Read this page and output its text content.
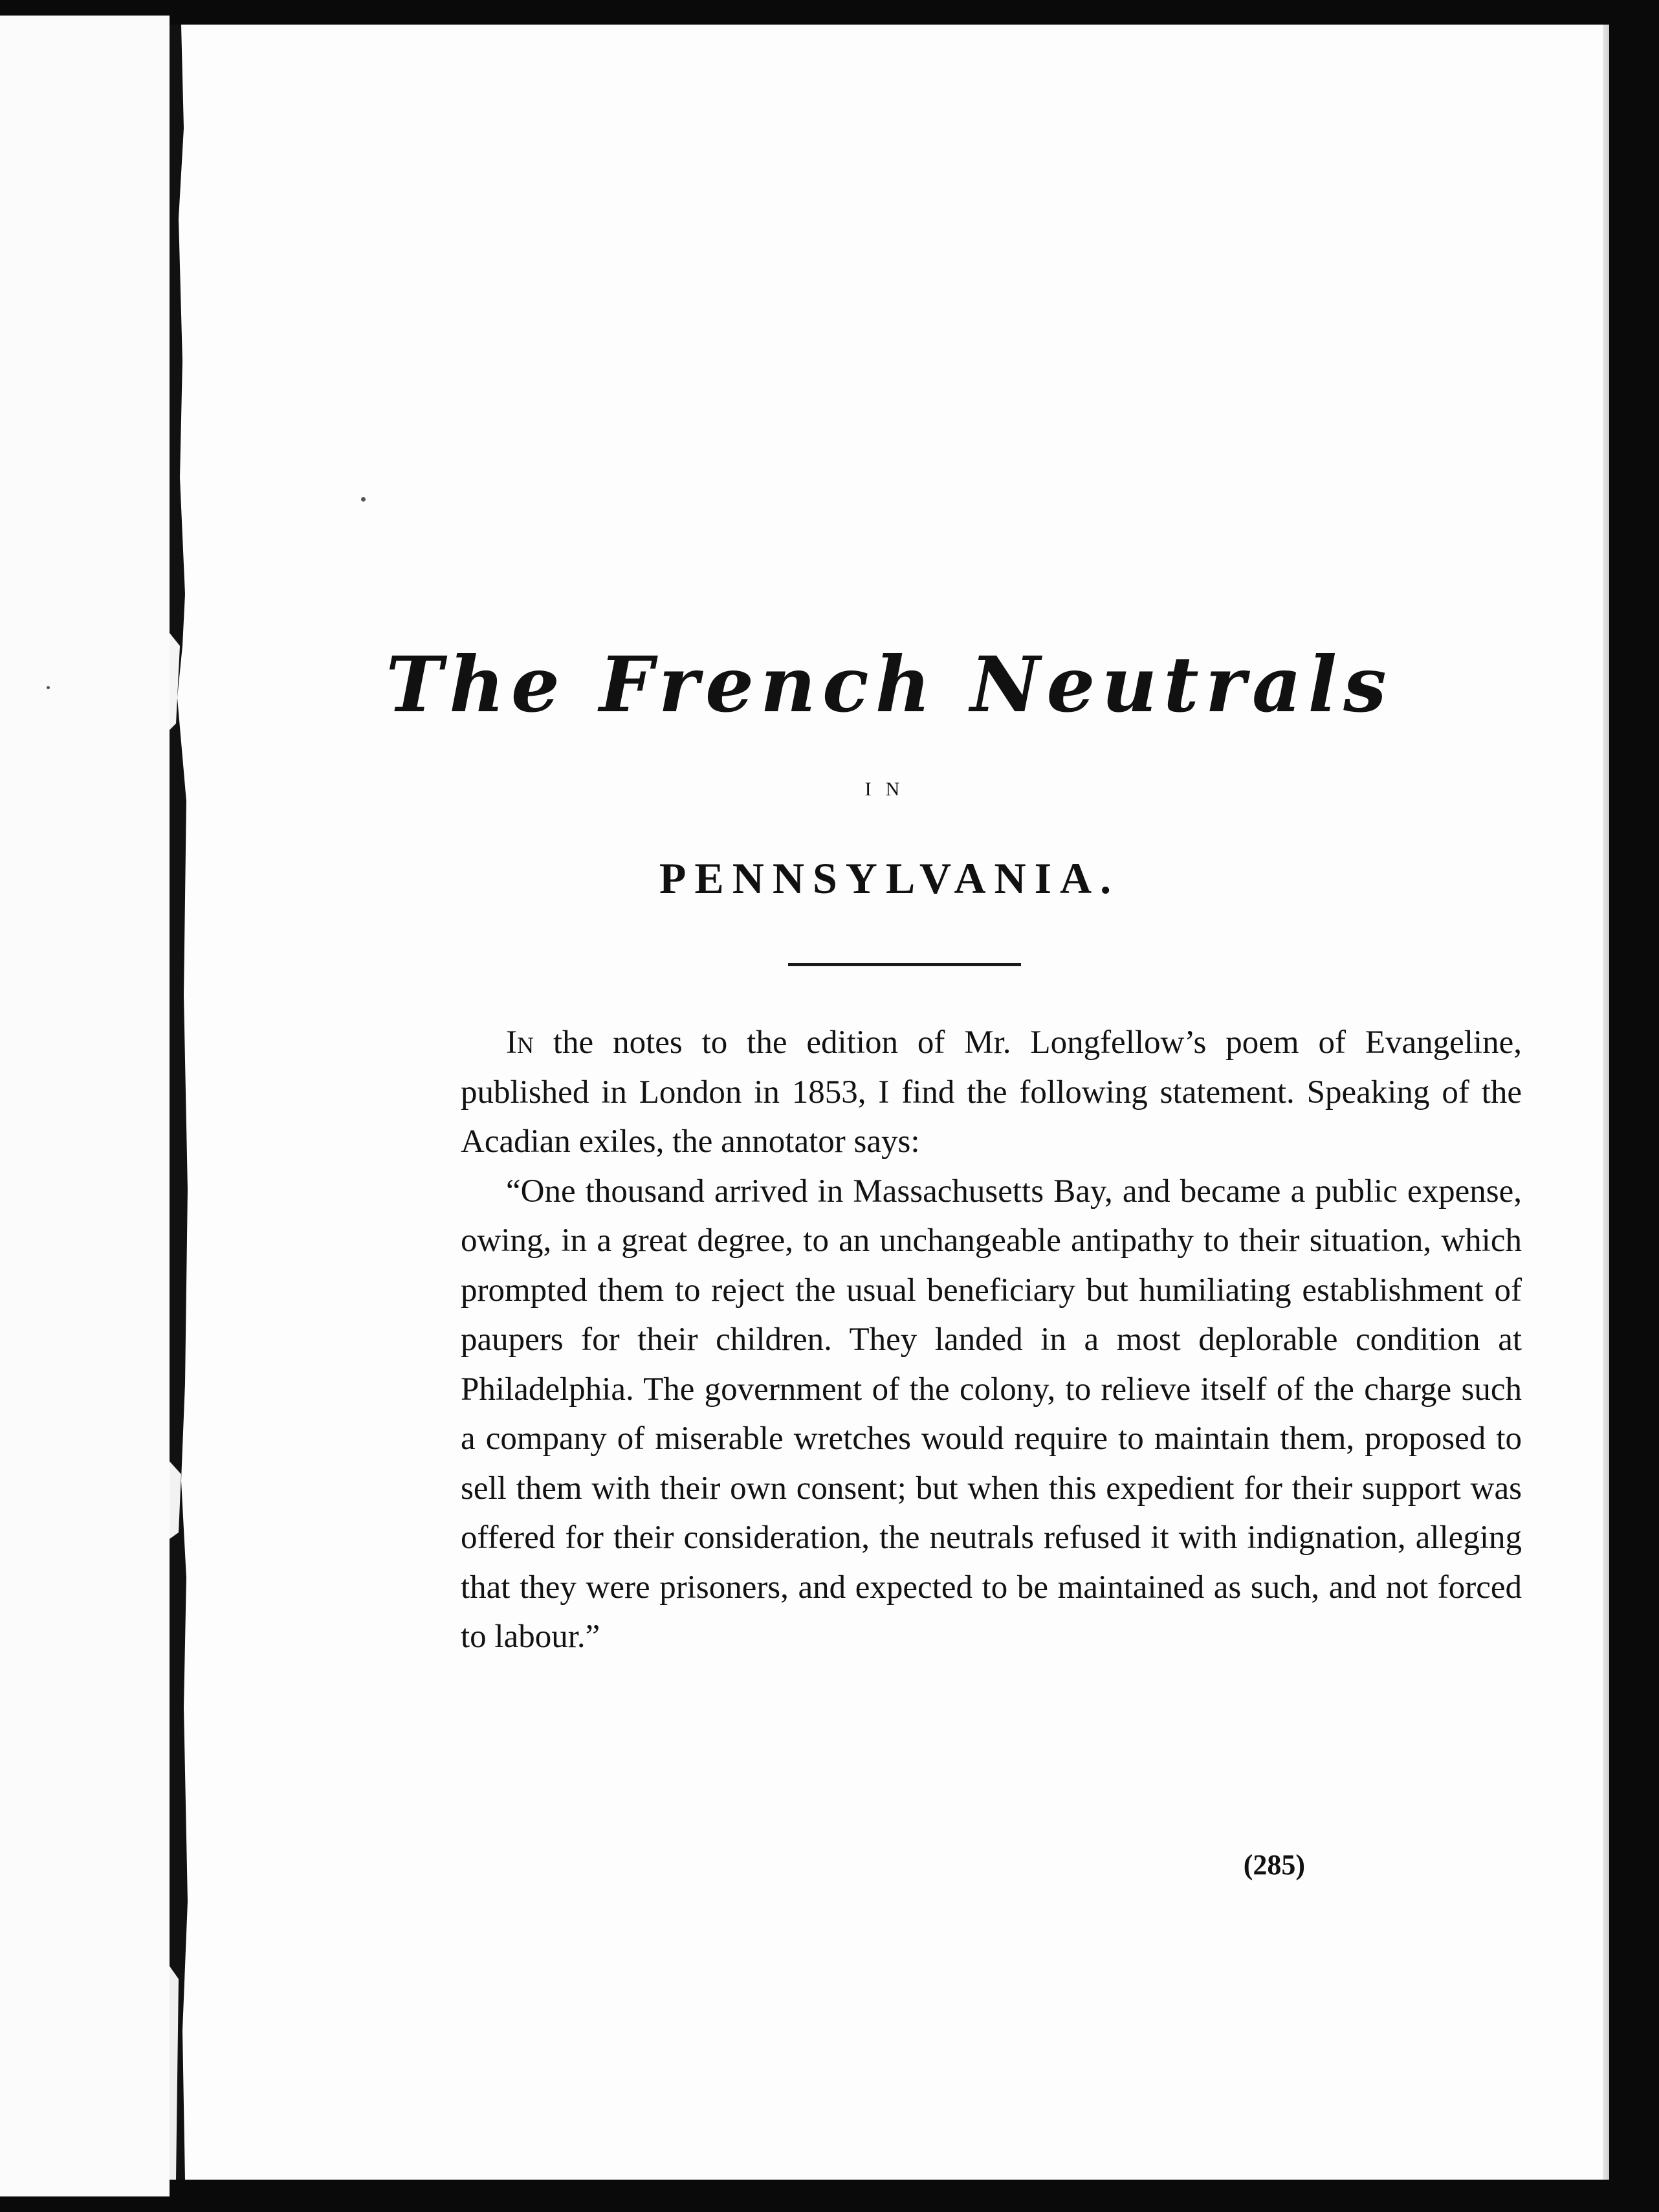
The French Neutrals
IN
PENNSYLVANIA.

In the notes to the edition of Mr. Longfellow’s poem of Evangeline, published in London in 1853, I find the following statement. Speaking of the Acadian exiles, the annotator says:

“One thousand arrived in Massachusetts Bay, and became a public expense, owing, in a great degree, to an unchangeable antipathy to their situation, which prompted them to reject the usual beneficiary but humiliating establishment of paupers for their children. They landed in a most deplorable condition at Philadelphia. The government of the colony, to relieve itself of the charge such a company of miserable wretches would require to maintain them, proposed to sell them with their own consent; but when this expedient for their support was offered for their consideration, the neutrals refused it with indignation, alleging that they were prisoners, and expected to be maintained as such, and not forced to labour.”

(285)
